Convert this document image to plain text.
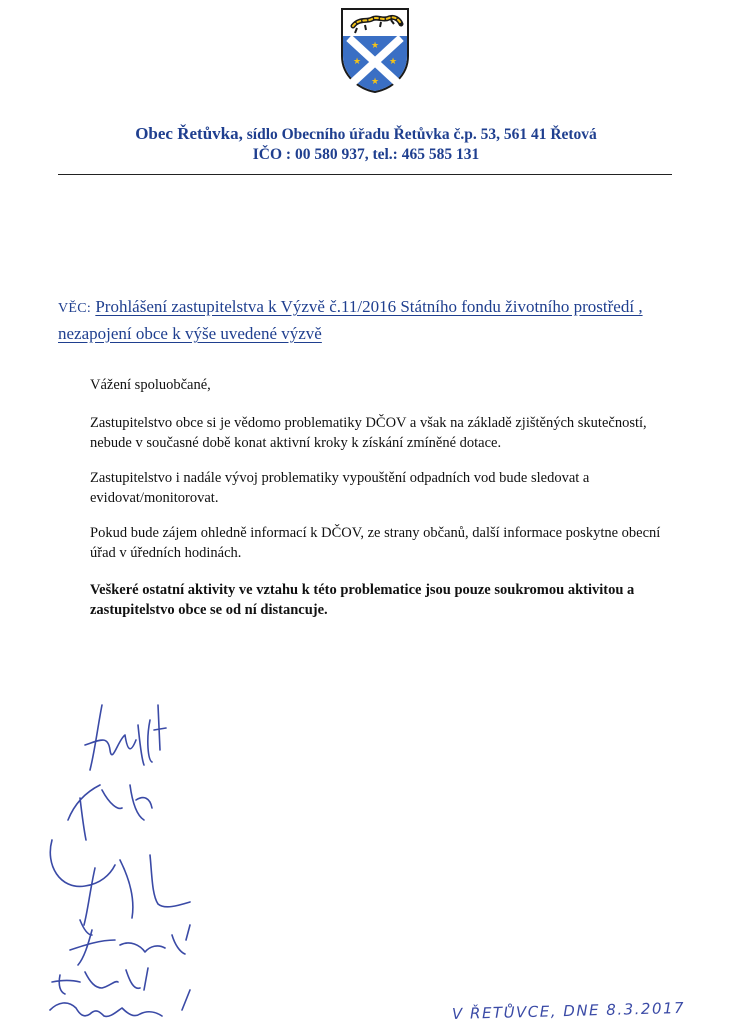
★
★	★
★
Obec Řetůvka, sídlo Obecního úřadu Řetůvka č.p. 53, 561 41 Řetová
IČO : 00 580 937, tel.: 465 585 131
VĚC: Prohlášení zastupitelstva k Výzvě č.11/2016 Státního fondu životního prostředí , nezapojení obce k výše uvedené výzvě
Vážení spoluobčané,
Zastupitelstvo obce si je vědomo problematiky DČOV a však na základě zjištěných skutečností, nebude v současné době konat aktivní kroky k získání zmíněné dotace.
Zastupitelstvo i nadále vývoj problematiky vypouštění odpadních vod bude sledovat a evidovat/monitorovat.
Pokud bude zájem ohledně informací k DČOV, ze strany občanů, další informace poskytne obecní úřad v úředních hodinách.
Veškeré ostatní aktivity ve vztahu k této problematice jsou pouze soukromou aktivitou a zastupitelstvo obce se od ní distancuje.
V ŘETŮVCE, DNE 8.3.2017
